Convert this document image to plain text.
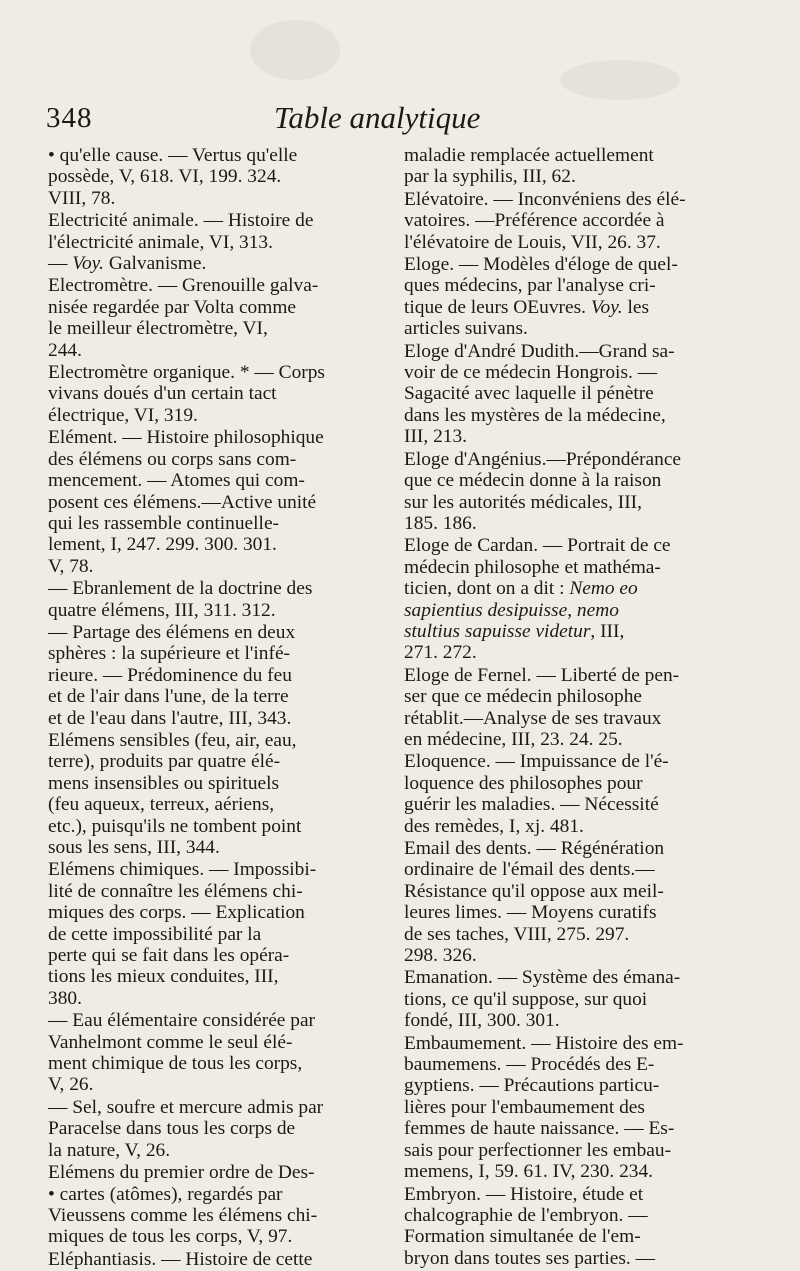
348	Table analytique
• qu'elle cause. — Vertus qu'elle
possède, V, 618. VI, 199. 324.
VIII, 78.
Electricité animale. — Histoire de
l'électricité animale, VI, 313.
— Voy. Galvanisme.
Electromètre. — Grenouille galva-
nisée regardée par Volta comme
le meilleur électromètre, VI,
244.
Electromètre organique. * — Corps
vivans doués d'un certain tact
électrique, VI, 319.
Elément. — Histoire philosophique
des élémens ou corps sans com-
mencement. — Atomes qui com-
posent ces élémens.—Active unité
qui les rassemble continuelle-
lement, I, 247. 299. 300. 301.
V, 78.
— Ebranlement de la doctrine des
quatre élémens, III, 311. 312.
— Partage des élémens en deux
sphères : la supérieure et l'infé-
rieure. — Prédominence du feu
et de l'air dans l'une, de la terre
et de l'eau dans l'autre, III, 343.
Elémens sensibles (feu, air, eau,
terre), produits par quatre élé-
mens insensibles ou spirituels
(feu aqueux, terreux, aériens,
etc.), puisqu'ils ne tombent point
sous les sens, III, 344.
Elémens chimiques. — Impossibi-
lité de connaître les élémens chi-
miques des corps. — Explication
de cette impossibilité par la
perte qui se fait dans les opéra-
tions les mieux conduites, III,
380.
— Eau élémentaire considérée par
Vanhelmont comme le seul élé-
ment chimique de tous les corps,
V, 26.
— Sel, soufre et mercure admis par
Paracelse dans tous les corps de
la nature, V, 26.
Elémens du premier ordre de Des-
• cartes (atômes), regardés par
Vieussens comme les élémens chi-
miques de tous les corps, V, 97.
Eléphantiasis. — Histoire de cette
maladie remplacée actuellement
par la syphilis, III, 62.
Elévatoire. — Inconvéniens des élé-
vatoires. —Préférence accordée à
l'élévatoire de Louis, VII, 26. 37.
Eloge. — Modèles d'éloge de quel-
ques médecins, par l'analyse cri-
tique de leurs OEuvres. Voy. les
articles suivans.
Eloge d'André Dudith.—Grand sa-
voir de ce médecin Hongrois. —
Sagacité avec laquelle il pénètre
dans les mystères de la médecine,
III, 213.
Eloge d'Angénius.—Prépondérance
que ce médecin donne à la raison
sur les autorités médicales, III,
185. 186.
Eloge de Cardan. — Portrait de ce
médecin philosophe et mathéma-
ticien, dont on a dit : Nemo eo
sapientius desipuisse, nemo
stultius sapuisse videtur, III,
271. 272.
Eloge de Fernel. — Liberté de pen-
ser que ce médecin philosophe
rétablit.—Analyse de ses travaux
en médecine, III, 23. 24. 25.
Eloquence. — Impuissance de l'é-
loquence des philosophes pour
guérir les maladies. — Nécessité
des remèdes, I, xj. 481.
Email des dents. — Régénération
ordinaire de l'émail des dents.—
Résistance qu'il oppose aux meil-
leures limes. — Moyens curatifs
de ses taches, VIII, 275. 297.
298. 326.
Emanation. — Système des émana-
tions, ce qu'il suppose, sur quoi
fondé, III, 300. 301.
Embaumement. — Histoire des em-
baumemens. — Procédés des E-
gyptiens. — Précautions particu-
lières pour l'embaumement des
femmes de haute naissance. — Es-
sais pour perfectionner les embau-
memens, I, 59. 61. IV, 230. 234.
Embryon. — Histoire, étude et
chalcographie de l'embryon. —
Formation simultanée de l'em-
bryon dans toutes ses parties. —
